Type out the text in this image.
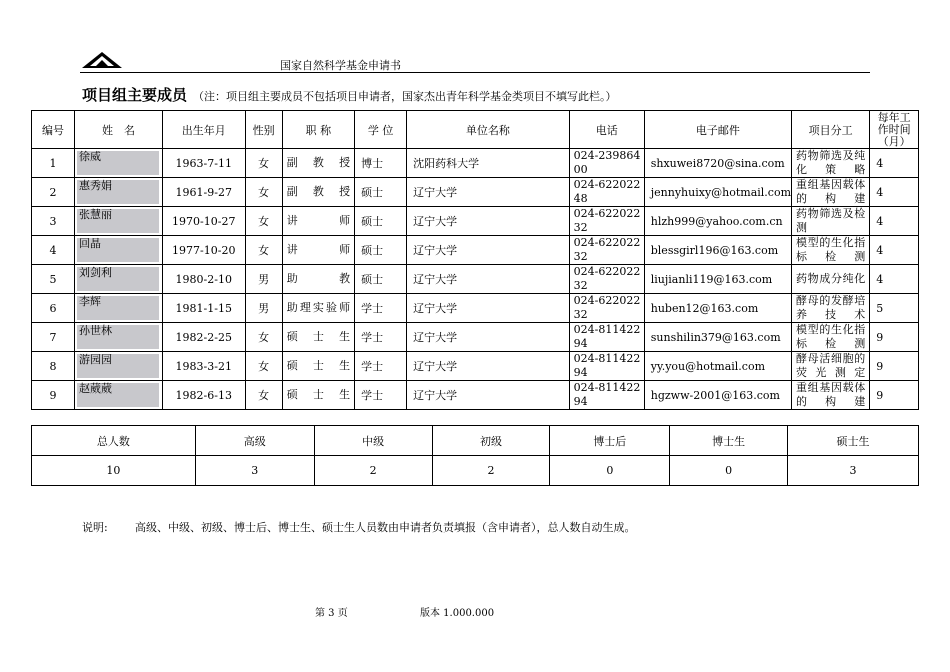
国家自然科学基金申请书
项目组主要成员 （注：项目组主要成员不包括项目申请者，国家杰出青年科学基金类项目不填写此栏。）
编号	姓　名	出生年月	性别	职 称	学 位	单位名称	电话	电子邮件	项目分工	每年工作时间（月）
1	徐威	1963-7-11	女	副教授	博士	沈阳药科大学	024-23986400	shxuwei8720@sina.com	药物筛选及纯化策略	4
2	惠秀娟	1961-9-27	女	副教授	硕士	辽宁大学	024-62202248	jennyhuixy@hotmail.com	重组基因载体的构建	4
3	张慧丽	1970-10-27	女	讲师	硕士	辽宁大学	024-62202232	hlzh999@yahoo.com.cn	药物筛选及检测	4
4	回晶	1977-10-20	女	讲师	硕士	辽宁大学	024-62202232	blessgirl196@163.com	模型的生化指标检测	4
5	刘剑利	1980-2-10	男	助教	硕士	辽宁大学	024-62202232	liujianli119@163.com	药物成分纯化	4
6	李辉	1981-1-15	男	助理实验师	学士	辽宁大学	024-62202232	huben12@163.com	酵母的发酵培养技术	5
7	孙世林	1982-2-25	女	硕士生	学士	辽宁大学	024-81142294	sunshilin379@163.com	模型的生化指标检测	9
8	游园园	1983-3-21	女	硕士生	学士	辽宁大学	024-81142294	yy.you@hotmail.com	酵母活细胞的荧光测定	9
9	赵葳葳	1982-6-13	女	硕士生	学士	辽宁大学	024-81142294	hgzww-2001@163.com	重组基因载体的构建	9
总人数	高级	中级	初级	博士后	博士生	硕士生
10	3	2	2	0	0	3
说明: 高级、中级、初级、博士后、博士生、硕士生人员数由申请者负责填报（含申请者），总人数自动生成。
第 3 页	版本 1.000.000
